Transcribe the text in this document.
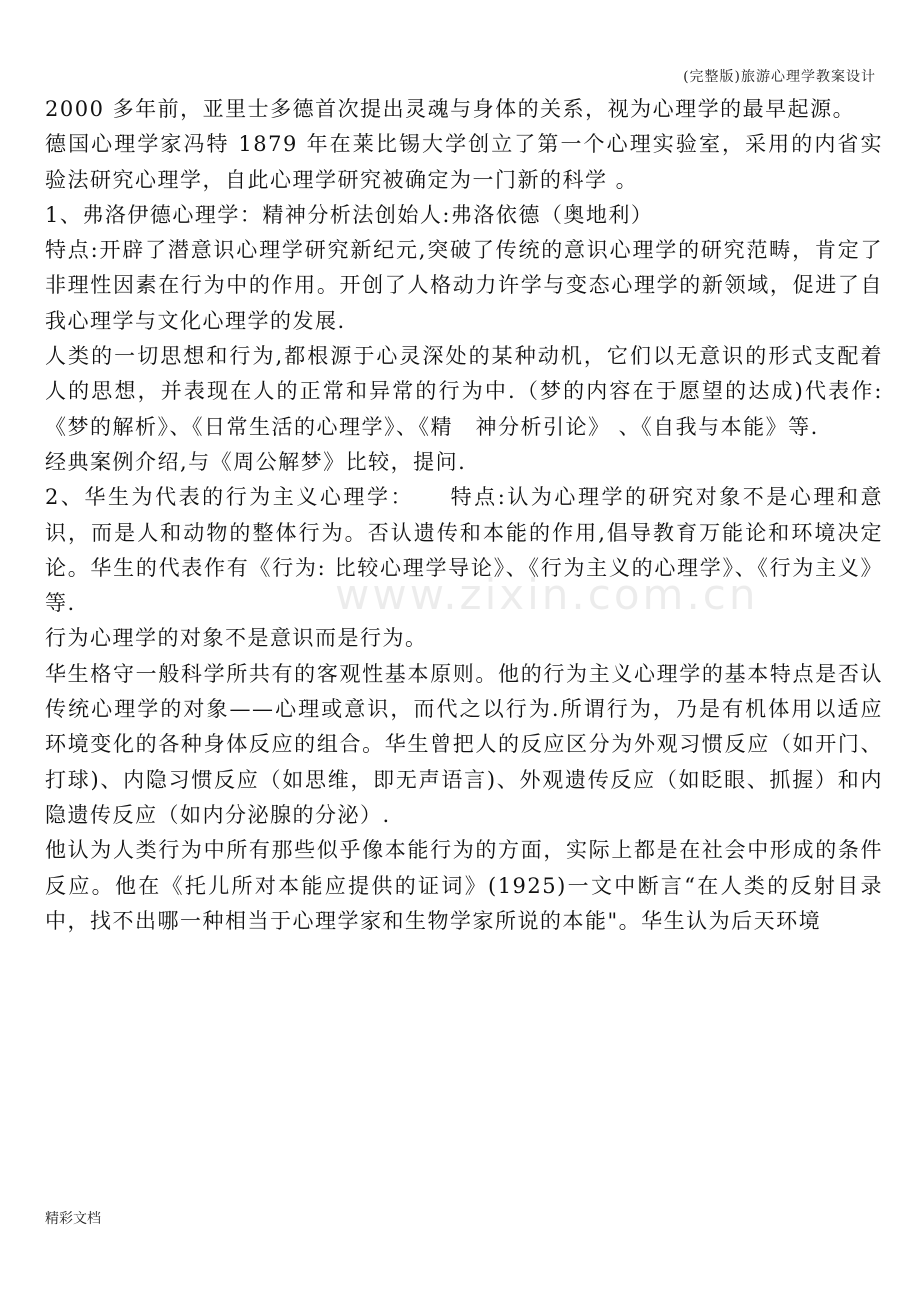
(完整版)旅游心理学教案设计
www.zixin.com.cn

2000 多年前，亚里士多德首次提出灵魂与身体的关系，视为心理学的最早起源。

德国心理学家冯特 1879 年在莱比锡大学创立了第一个心理实验室，采用的内省实验法研究心理学，自此心理学研究被确定为一门新的科学 。

1、弗洛伊德心理学：精神分析法创始人:弗洛依德（奥地利）

特点:开辟了潜意识心理学研究新纪元,突破了传统的意识心理学的研究范畴，肯定了非理性因素在行为中的作用。开创了人格动力许学与变态心理学的新领域，促进了自我心理学与文化心理学的发展.

人类的一切思想和行为,都根源于心灵深处的某种动机，它们以无意识的形式支配着人的思想，并表现在人的正常和异常的行为中.（梦的内容在于愿望的达成)代表作:《梦的解析》、《日常生活的心理学》、《精　神分析引论》 、《自我与本能》等.

经典案例介绍,与《周公解梦》比较，提问.

2、华生为代表的行为主义心理学：　　特点:认为心理学的研究对象不是心理和意识，而是人和动物的整体行为。否认遗传和本能的作用,倡导教育万能论和环境决定论。华生的代表作有《行为: 比较心理学导论》、《行为主义的心理学》、《行为主义》等.

行为心理学的对象不是意识而是行为。

华生格守一般科学所共有的客观性基本原则。他的行为主义心理学的基本特点是否认传统心理学的对象——心理或意识，而代之以行为.所谓行为，乃是有机体用以适应环境变化的各种身体反应的组合。华生曾把人的反应区分为外观习惯反应（如开门、打球)、内隐习惯反应（如思维，即无声语言)、外观遗传反应（如眨眼、抓握）和内隐遗传反应（如内分泌腺的分泌）.

他认为人类行为中所有那些似乎像本能行为的方面，实际上都是在社会中形成的条件反应。他在《托儿所对本能应提供的证词》(1925)一文中断言“在人类的反射目录中，找不出哪一种相当于心理学家和生物学家所说的本能"。华生认为后天环境

精彩文档
